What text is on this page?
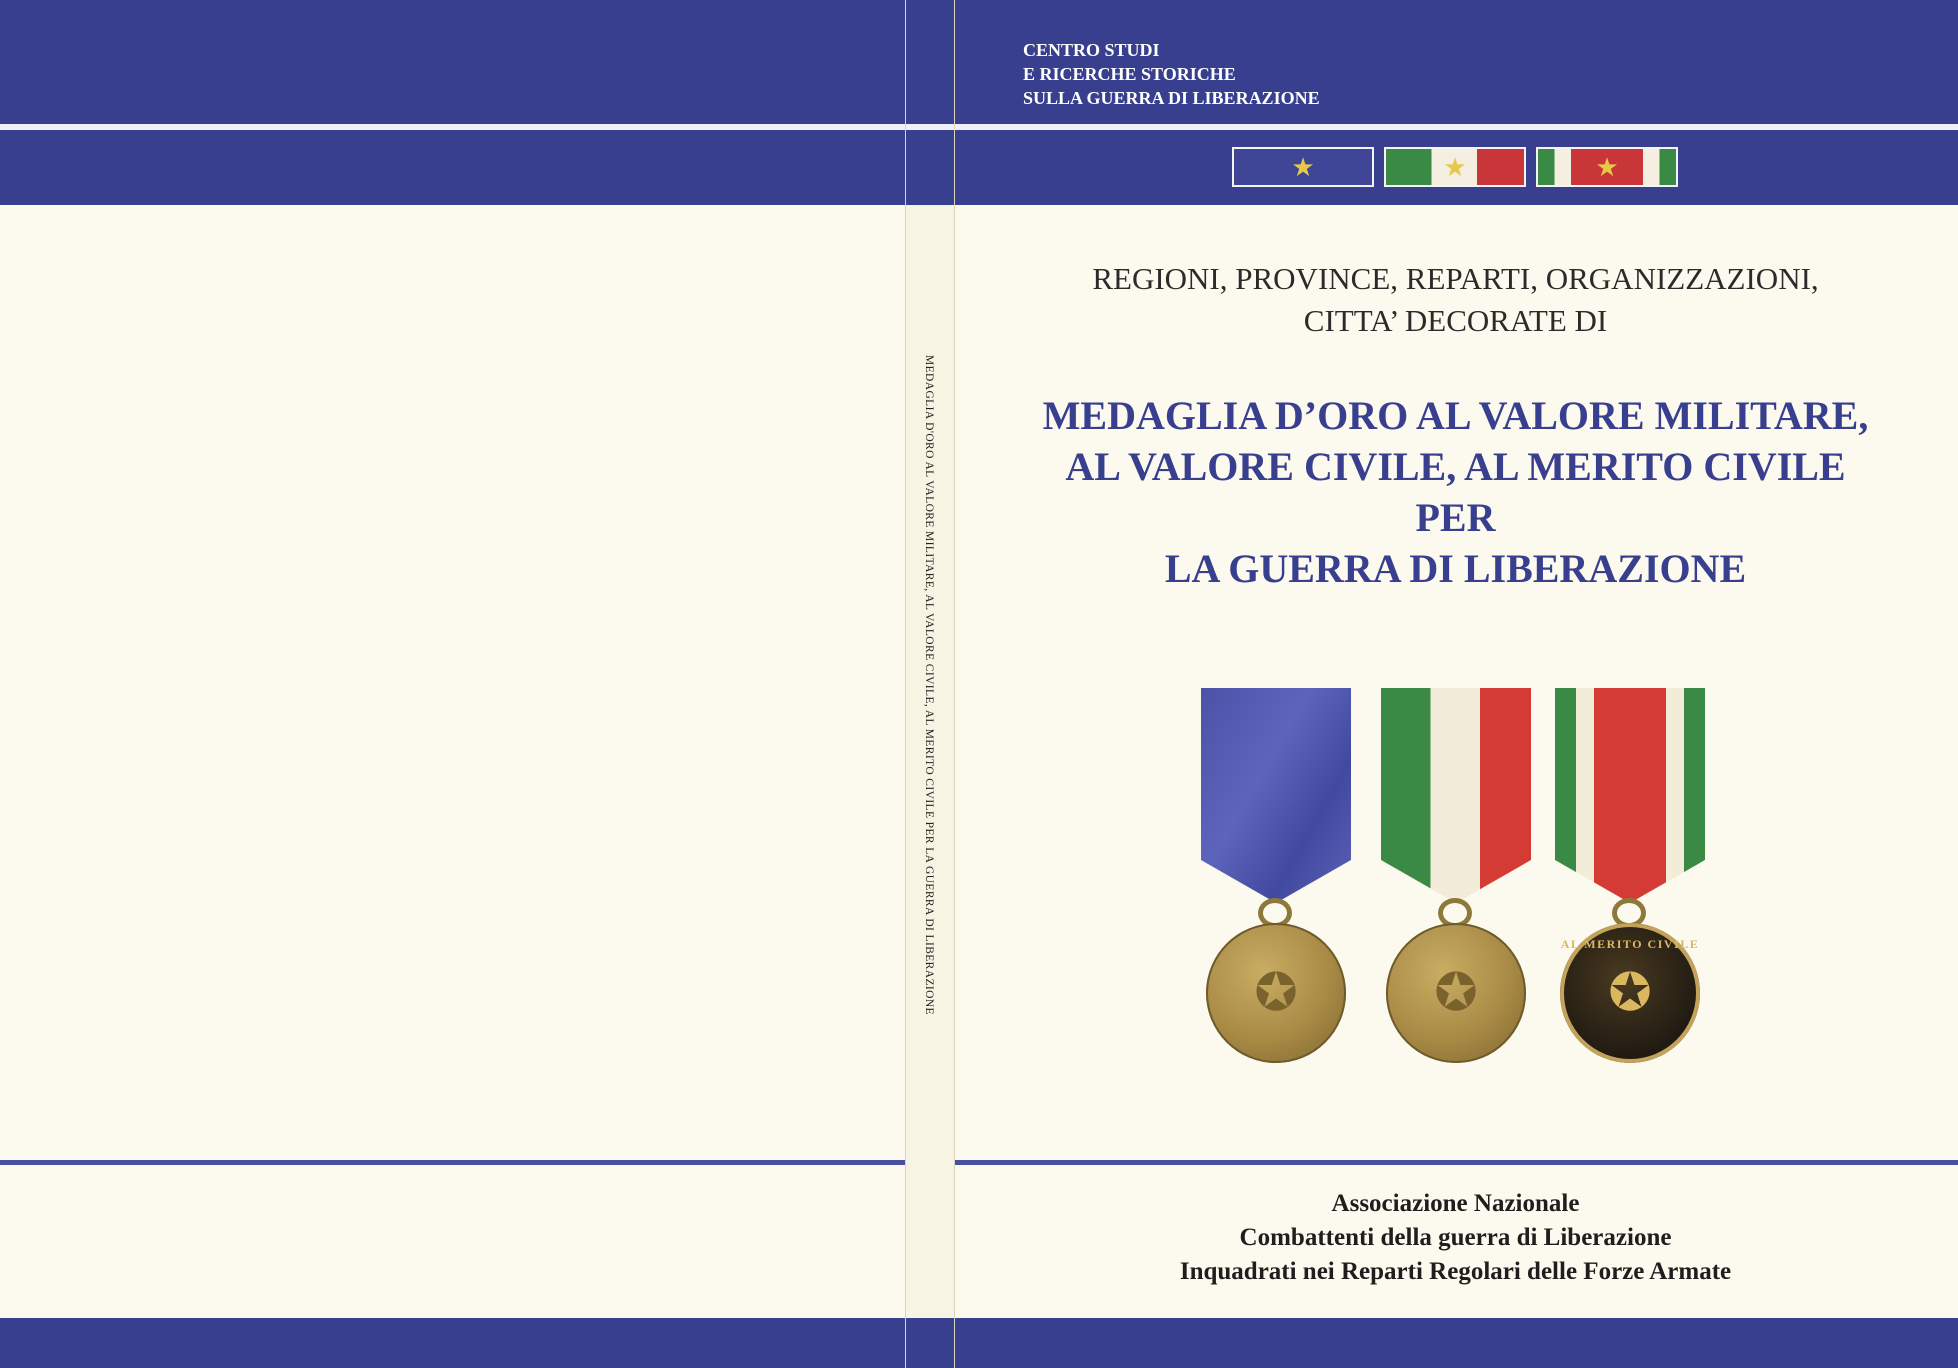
MEDAGLIA D'ORO AL VALORE MILITARE, AL VALORE CIVILE, AL MERITO CIVILE PER LA GUERRA DI LIBERAZIONE
CENTRO STUDI
E RICERCHE STORICHE
SULLA GUERRA DI LIBERAZIONE
★	★	★
REGIONI, PROVINCE, REPARTI, ORGANIZZAZIONI,
CITTA’ DECORATE DI
MEDAGLIA D’ORO AL VALORE MILITARE,
AL VALORE CIVILE, AL MERITO CIVILE
PER
LA GUERRA DI LIBERAZIONE
✪	✪
AL MERITO CIVILE
✪
Associazione Nazionale
Combattenti della guerra di Liberazione
Inquadrati nei Reparti Regolari delle Forze Armate
